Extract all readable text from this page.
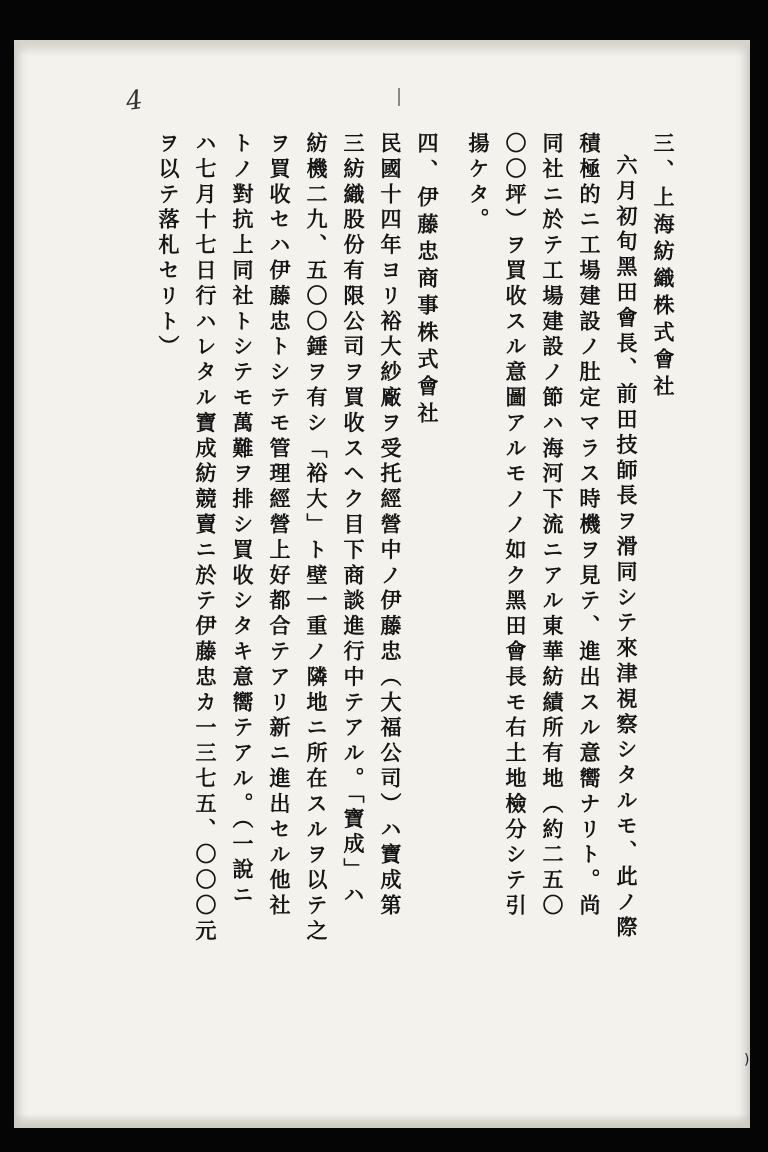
4
)
三、上海紡織株式會社
六月初旬黑田會長、前田技師長ヲ滑同シテ來津視察シタルモ、此ノ際
積極的ニ工場建設ノ肚定マラス時機ヲ見テ、進出スル意嚮ナリト。尚
同社ニ於テ工場建設ノ節ハ海河下流ニアル東華紡績所有地（約二五〇
〇〇坪）ヲ買收スル意圖アルモノノ如ク黑田會長モ右土地檢分シテ引
揚ケタ。
四、伊藤忠商事株式會社
民國十四年ヨリ裕大紗廠ヲ受托經營中ノ伊藤忠（大福公司）ハ寶成第
三紡織股份有限公司ヲ買收スヘク目下商談進行中テアル。「寶成」ハ
紡機二九、五〇〇錘ヲ有シ「裕大」ト壁一重ノ隣地ニ所在スルヲ以テ之
ヲ買收セハ伊藤忠トシテモ管理經營上好都合テアリ新ニ進出セル他社
トノ對抗上同社トシテモ萬難ヲ排シ買收シタキ意嚮テアル。（一說ニ
ハ七月十七日行ハレタル寶成紡競賣ニ於テ伊藤忠カ一三七五、〇〇〇元
ヲ以テ落札セリト）
